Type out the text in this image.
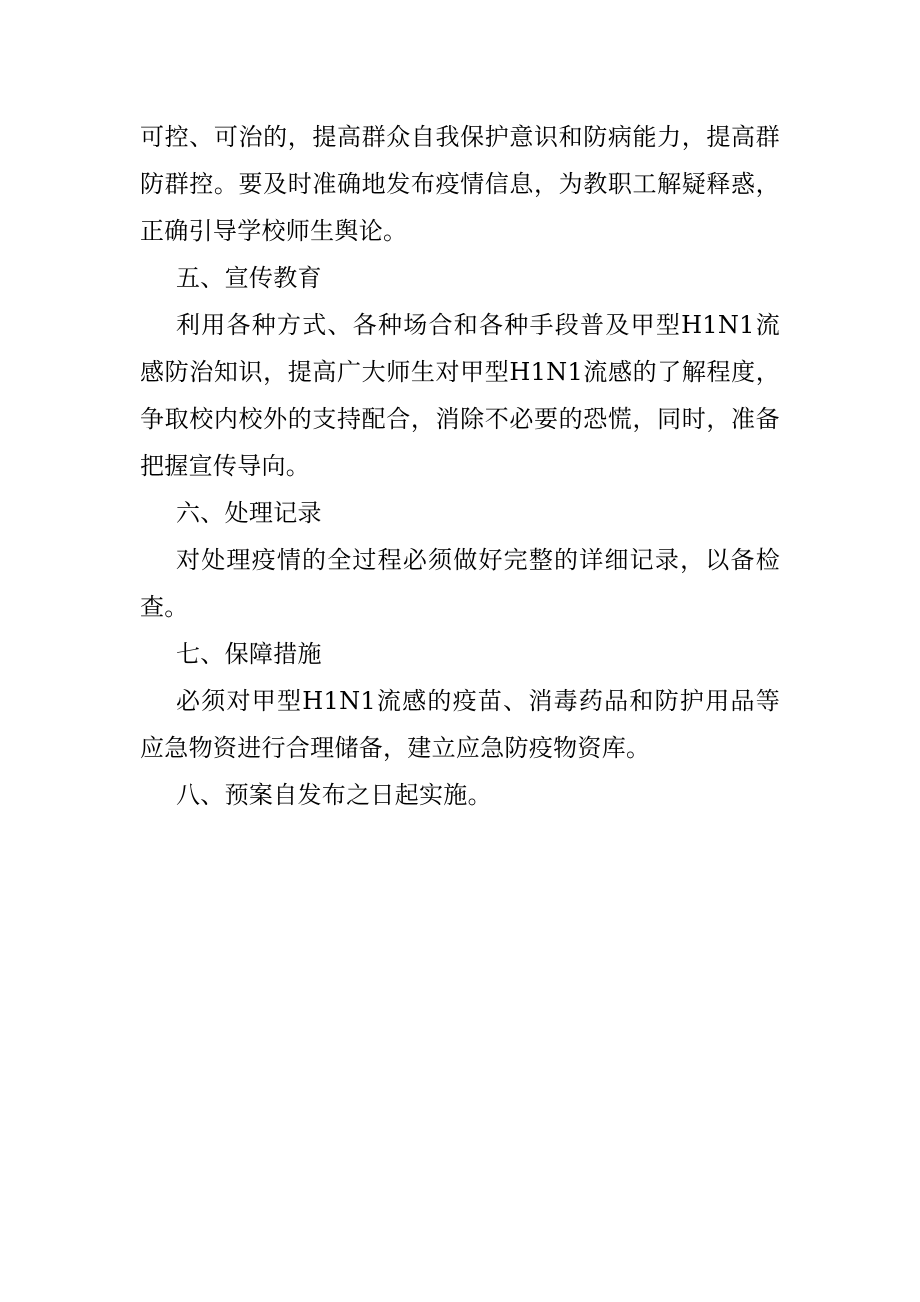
可控、可治的，提高群众自我保护意识和防病能力，提高群防群控。要及时准确地发布疫情信息，为教职工解疑释惑，正确引导学校师生舆论。

五、宣传教育

利用各种方式、各种场合和各种手段普及甲型H1N1流感防治知识，提高广大师生对甲型H1N1流感的了解程度，争取校内校外的支持配合，消除不必要的恐慌，同时，准备把握宣传导向。

六、处理记录

对处理疫情的全过程必须做好完整的详细记录，以备检查。

七、保障措施

必须对甲型H1N1流感的疫苗、消毒药品和防护用品等应急物资进行合理储备，建立应急防疫物资库。

八、预案自发布之日起实施。
